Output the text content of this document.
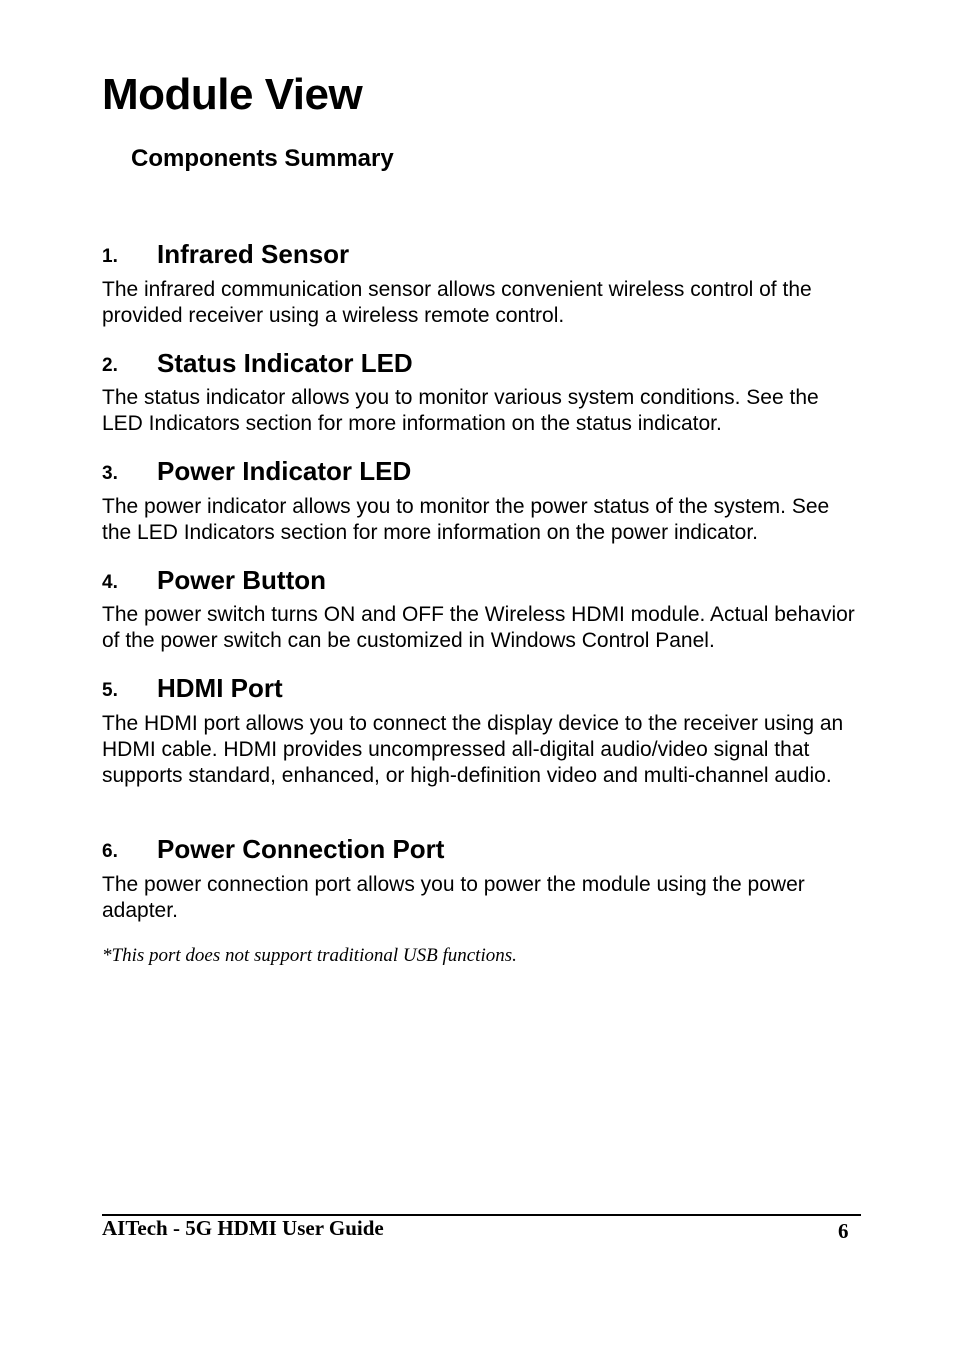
Module View
Components Summary
1. Infrared Sensor

The infrared communication sensor allows convenient wireless control of the provided receiver using a wireless remote control.

2. Status Indicator LED

The status indicator allows you to monitor various system conditions. See the LED Indicators section for more information on the status indicator.

3. Power Indicator LED

The power indicator allows you to monitor the power status of the system. See the LED Indicators section for more information on the power indicator.

4. Power Button

The power switch turns ON and OFF the Wireless HDMI module. Actual behavior of the power switch can be customized in Windows Control Panel.

5. HDMI Port

The HDMI port allows you to connect the display device to the receiver using an HDMI cable. HDMI provides uncompressed all-digital audio/video signal that supports standard, enhanced, or high-definition video and multi-channel audio.

6. Power Connection Port

The power connection port allows you to power the module using the power adapter.

*This port does not support traditional USB functions.

AITech - 5G HDMI User Guide	6
